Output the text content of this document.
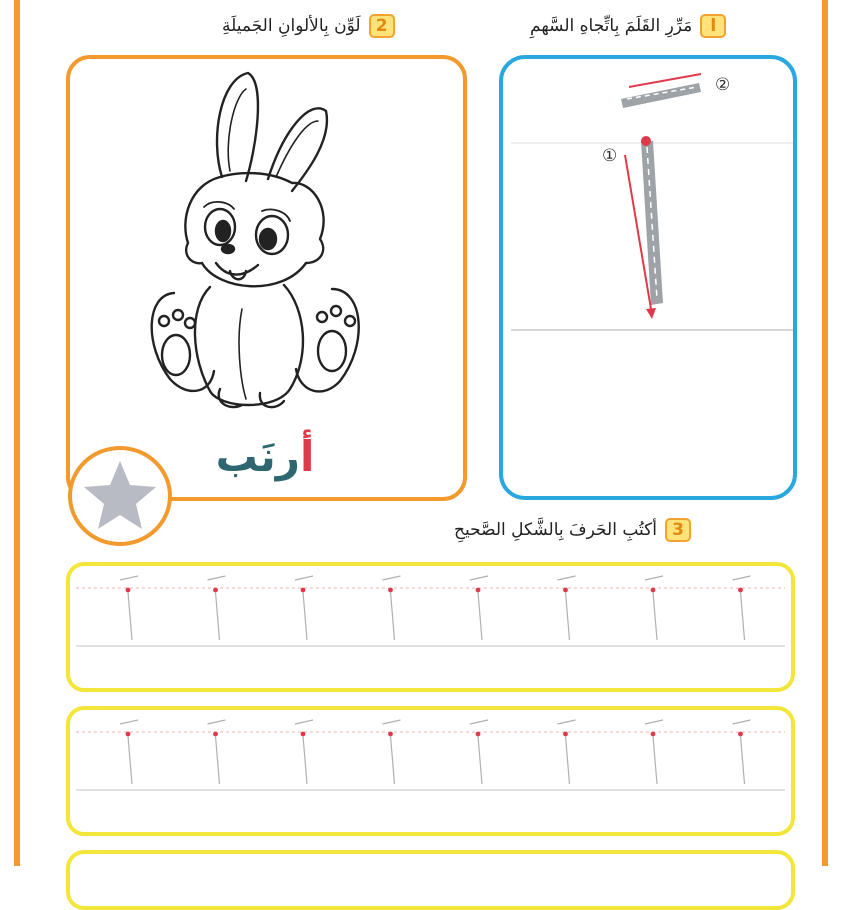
ا
مَرِّرِ القَلَمَ بِاتِّجاهِ السَّهمِ
2
لَوِّن بِالألوانِ الجَميلَةِ
①
②
أرنَب
3
أكتُبِ الحَرفَ بِالشَّكلِ الصَّحيحِ
